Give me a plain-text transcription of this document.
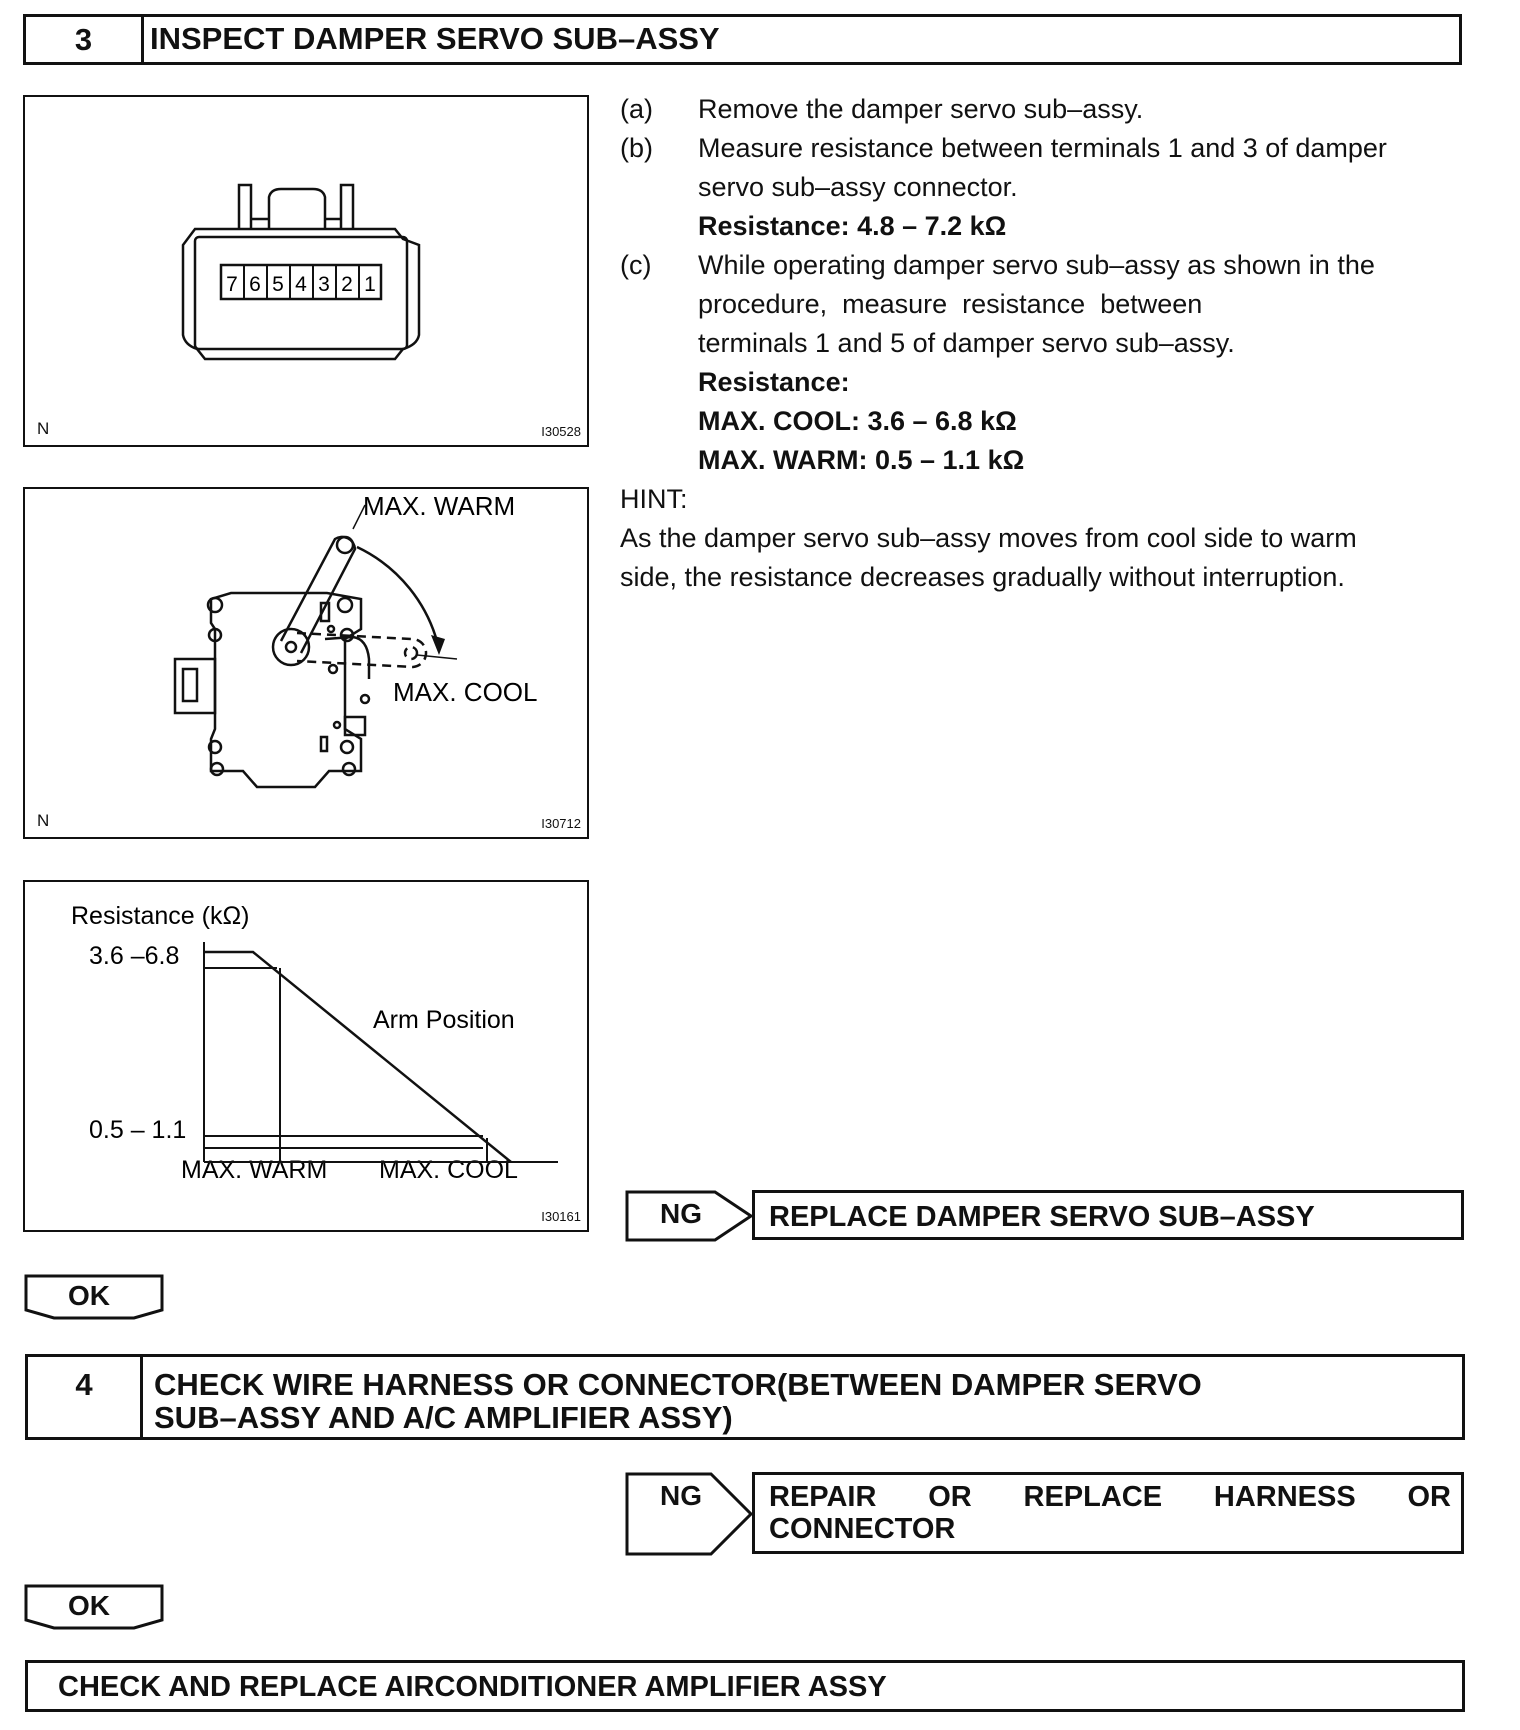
3	INSPECT DAMPER SERVO SUB–ASSY
7 6 5 4 3 2 1
N	I30528
MAX. WARM
MAX. COOL
N	I30712
Resistance (kΩ)
3.6 –6.8
0.5 – 1.1
Arm Position
MAX. WARM MAX. COOL
I30161
(a) Remove the damper servo sub–assy.
(b) Measure resistance between terminals 1 and 3 of damper
servo sub–assy connector.
Resistance: 4.8 – 7.2 kΩ
(c) While operating damper servo sub–assy as shown in the
procedure,  measure  resistance  between
terminals 1 and 5 of damper servo sub–assy.
Resistance:
MAX. COOL: 3.6 – 6.8 kΩ
MAX. WARM: 0.5 – 1.1 kΩ
HINT:
As the damper servo sub–assy moves from cool side to warm
side, the resistance decreases gradually without interruption.
NG REPLACE DAMPER SERVO SUB–ASSY
OK
4	CHECK WIRE HARNESS OR CONNECTOR(BETWEEN DAMPER SERVO
SUB–ASSY AND A/C AMPLIFIER ASSY)
NG REPAIR OR REPLACE HARNESS OR
CONNECTOR
OK
CHECK AND REPLACE AIRCONDITIONER AMPLIFIER ASSY
